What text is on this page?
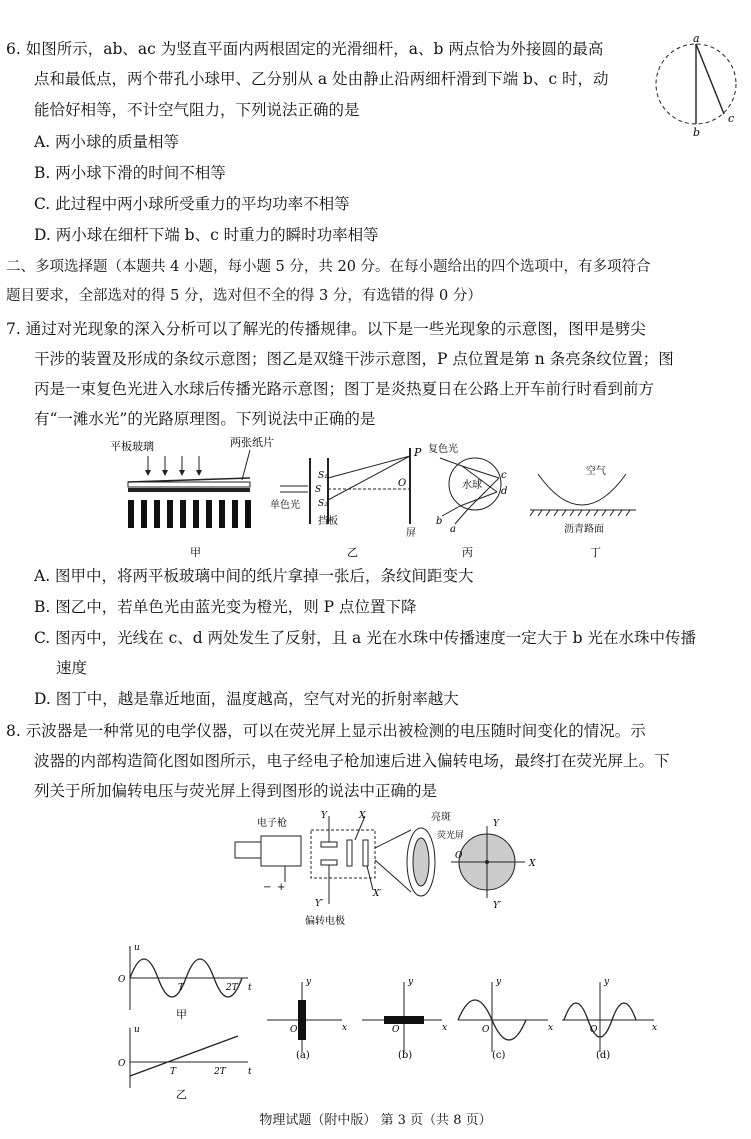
6. 如图所示，ab、ac 为竖直平面内两根固定的光滑细杆，a、b 两点恰为外接圆的最高
点和最低点，两个带孔小球甲、乙分别从 a 处由静止沿两细杆滑到下端 b、c 时，动
能恰好相等，不计空气阻力，下列说法正确的是
A. 两小球的质量相等
B. 两小球下滑的时间不相等
C. 此过程中两小球所受重力的平均功率不相等
D. 两小球在细杆下端 b、c 时重力的瞬时功率相等
a
b
c
二、多项选择题（本题共 4 小题，每小题 5 分，共 20 分。在每小题给出的四个选项中，有多项符合
题目要求，全部选对的得 5 分，选对但不全的得 3 分，有选错的得 0 分）
7. 通过对光现象的深入分析可以了解光的传播规律。以下是一些光现象的示意图，图甲是劈尖
干涉的装置及形成的条纹示意图；图乙是双缝干涉示意图，P 点位置是第 n 条亮条纹位置；图
丙是一束复色光进入水球后传播光路示意图；图丁是炎热夏日在公路上开车前行时看到前方
有“一滩水光”的光路原理图。下列说法中正确的是
平板玻璃	两张纸片
甲
S
S₁
S₂
P
O
单色光
挡板
屏
乙
复色光
水球
c
d
a
b
丙
空气
沥青路面
丁
A. 图甲中，将两平板玻璃中间的纸片拿掉一张后，条纹间距变大
B. 图乙中，若单色光由蓝光变为橙光，则 P 点位置下降
C. 图丙中，光线在 c、d 两处发生了反射，且 a 光在水珠中传播速度一定大于 b 光在水珠中传播
速度
D. 图丁中，越是靠近地面，温度越高，空气对光的折射率越大
8. 示波器是一种常见的电学仪器，可以在荧光屏上显示出被检测的电压随时间变化的情况。示
波器的内部构造简化图如图所示，电子经电子枪加速后进入偏转电场，最终打在荧光屏上。下
列关于所加偏转电压与荧光屏上得到图形的说法中正确的是
电子枪
− +
Y	X
Y′
X′
偏转电极
荧光屏
亮斑
Y
X
Y′
O
u
O
T	2T t
甲
u
O
T	2T t
乙
y
x
O
(a)
y
x
O
(b)
y
x
O
(c)
y
x
O
(d)
物理试题（附中版） 第 3 页（共 8 页）
